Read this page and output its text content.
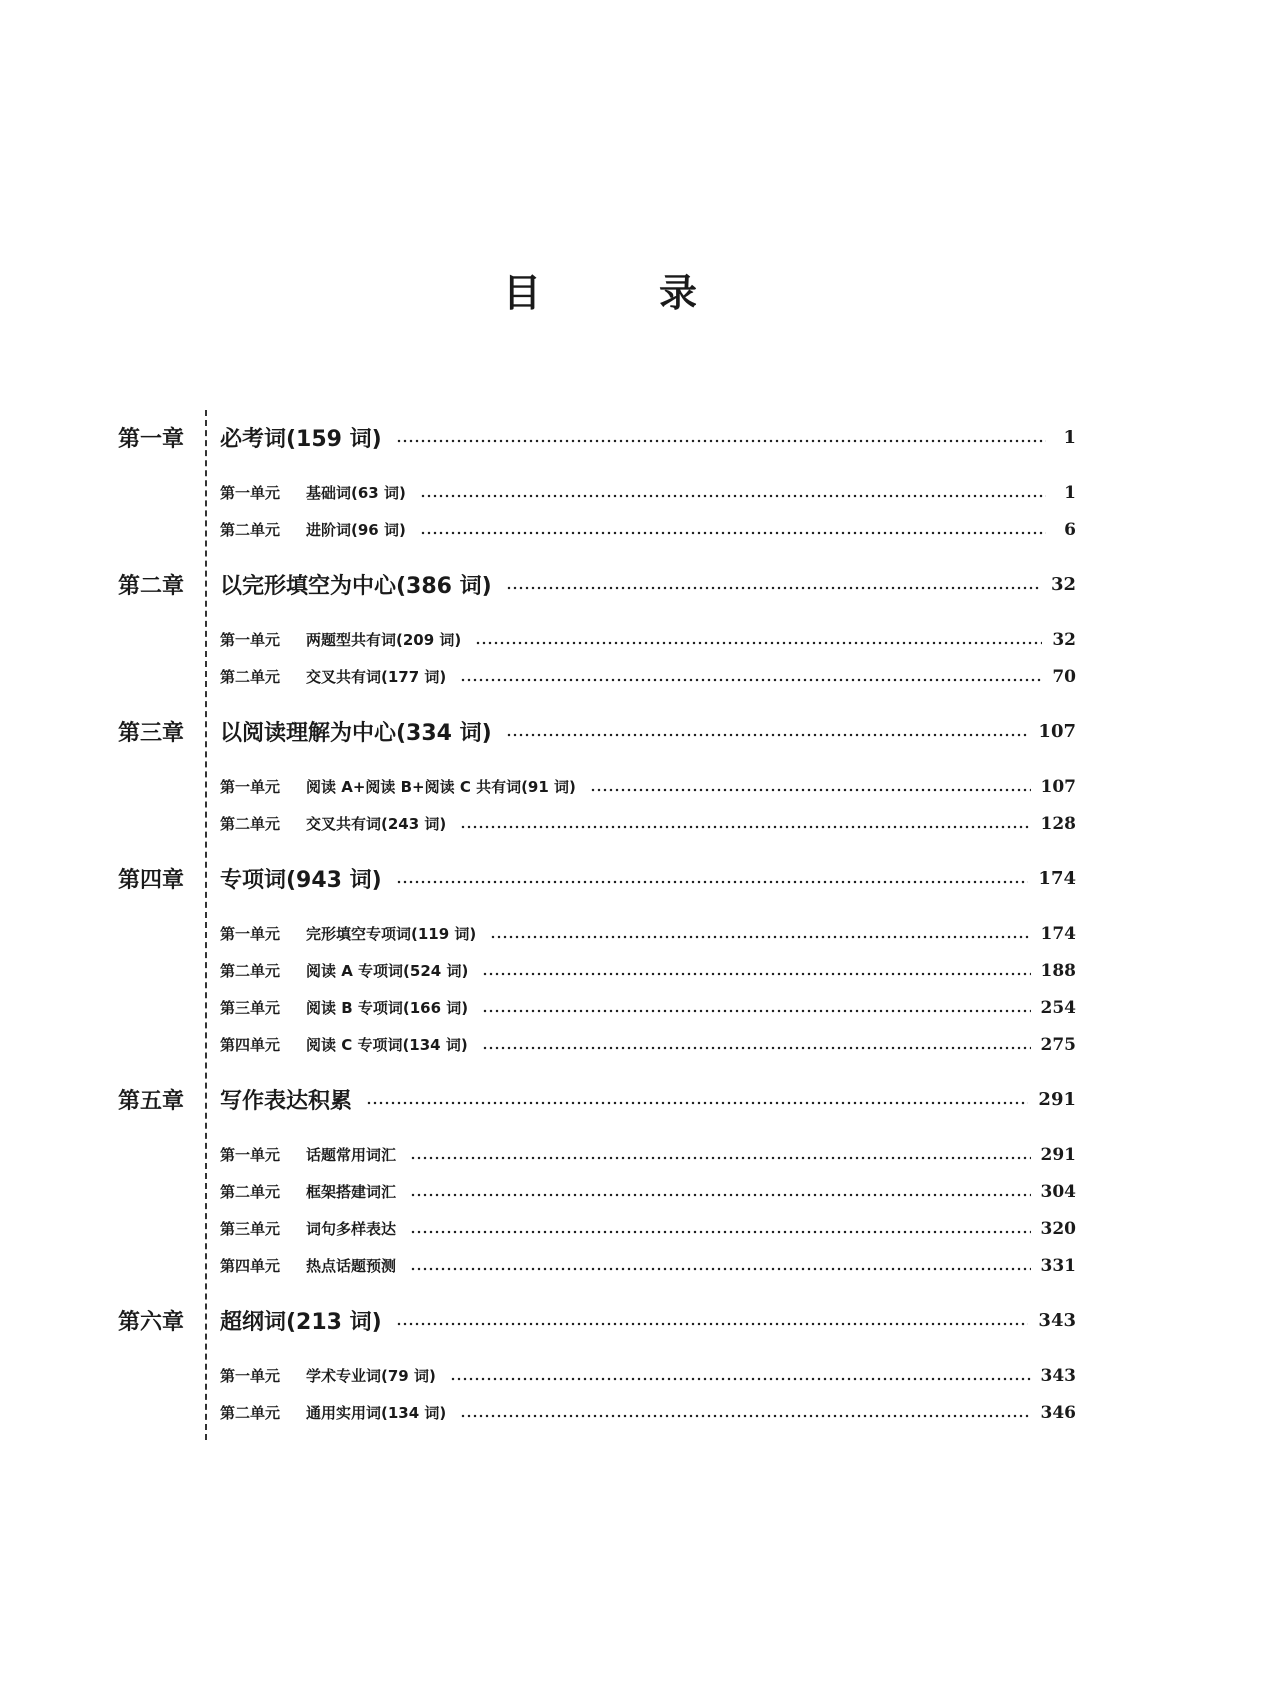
目　录
第一章	必考词(159 词)	1
第一单元	基础词(63 词)	1
第二单元	进阶词(96 词)	6
第二章	以完形填空为中心(386 词)	32
第一单元	两题型共有词(209 词)	32
第二单元	交叉共有词(177 词)	70
第三章	以阅读理解为中心(334 词)	107
第一单元	阅读 A+阅读 B+阅读 C 共有词(91 词)	107
第二单元	交叉共有词(243 词)	128
第四章	专项词(943 词)	174
第一单元	完形填空专项词(119 词)	174
第二单元	阅读 A 专项词(524 词)	188
第三单元	阅读 B 专项词(166 词)	254
第四单元	阅读 C 专项词(134 词)	275
第五章	写作表达积累	291
第一单元	话题常用词汇	291
第二单元	框架搭建词汇	304
第三单元	词句多样表达	320
第四单元	热点话题预测	331
第六章	超纲词(213 词)	343
第一单元	学术专业词(79 词)	343
第二单元	通用实用词(134 词)	346
